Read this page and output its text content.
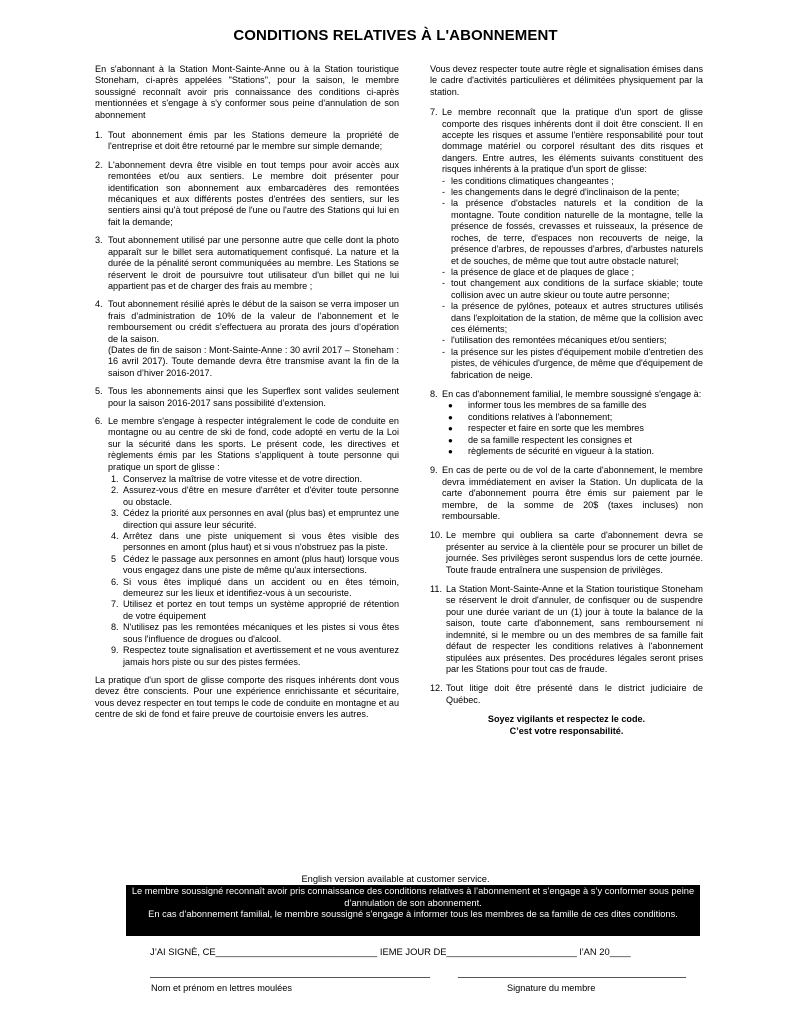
CONDITIONS RELATIVES À L'ABONNEMENT

En s'abonnant à la Station Mont-Sainte-Anne ou à la Station touristique Stoneham, ci-après appelées "Stations", pour la saison, le membre soussigné reconnaît avoir pris connaissance des conditions ci-après mentionnées et s'engage à s'y conformer sous peine d'annulation de son abonnement

1. Tout abonnement émis par les Stations demeure la propriété de l'entreprise et doit être retourné par le membre sur simple demande;
2. L'abonnement devra être visible en tout temps pour avoir accès aux remontées et/ou aux sentiers. Le membre doit présenter pour identification son abonnement aux embarcadères des remontées mécaniques et aux différents postes d'entrées des sentiers, sur les sentiers ainsi qu'à tout préposé de l'une ou l'autre des Stations qui lui en fait la demande;
3. Tout abonnement utilisé par une personne autre que celle dont la photo apparaît sur le billet sera automatiquement confisqué. La nature et la durée de la pénalité seront communiquées au membre. Les Stations se réservent le droit de poursuivre tout utilisateur d'un billet qui ne lui appartient pas et de charger des frais au membre ;
4. Tout abonnement résilié après le début de la saison se verra imposer un frais d’administration de 10% de la valeur de l’abonnement et le remboursement ou crédit s’effectuera au prorata des jours d’opération de la saison.
(Dates de fin de saison : Mont-Sainte-Anne : 30 avril 2017 – Stoneham : 16 avril 2017). Toute demande devra être transmise avant la fin de la saison d’hiver 2016-2017.
5. Tous les abonnements ainsi que les Superflex sont valides seulement pour la saison 2016-2017 sans possibilité d’extension.
6. Le membre s'engage à respecter intégralement le code de conduite en montagne ou au centre de ski de fond, code adopté en vertu de la Loi sur la sécurité dans les sports. Le présent code, les directives et règlements émis par les Stations s’appliquent à toute personne qui pratique un sport de glisse :
1. Conservez la maîtrise de votre vitesse et de votre direction.
2. Assurez-vous d'être en mesure d'arrêter et d'éviter toute personne ou obstacle.
3. Cédez la priorité aux personnes en aval (plus bas) et empruntez une direction qui assure leur sécurité.
4. Arrêtez dans une piste uniquement si vous êtes visible des personnes en amont (plus haut) et si vous n'obstruez pas la piste.
5 Cédez le passage aux personnes en amont (plus haut) lorsque vous vous engagez dans une piste de même qu'aux intersections.
6. Si vous êtes impliqué dans un accident ou en êtes témoin, demeurez sur les lieux et identifiez-vous à un secouriste.
7. Utilisez et portez en tout temps un système approprié de rétention de votre équipement
8. N'utilisez pas les remontées mécaniques et les pistes si vous êtes sous l'influence de drogues ou d'alcool.
9. Respectez toute signalisation et avertissement et ne vous aventurez jamais hors piste ou sur des pistes fermées.

La pratique d'un sport de glisse comporte des risques inhérents dont vous devez être conscients. Pour une expérience enrichissante et sécuritaire, vous devez respecter en tout temps le code de conduite en montagne et au centre de ski de fond et faire preuve de courtoisie envers les autres.

Vous devez respecter toute autre règle et signalisation émises dans le cadre d'activités particulières et délimitées physiquement par la station.

7. Le membre reconnaît que la pratique d'un sport de glisse comporte des risques inhérents dont il doit être conscient. Il en accepte les risques et assume l'entière responsabilité pour tout dommage matériel ou corporel résultant des dits risques et dangers. Entre autres, les éléments suivants constituent des risques inhérents à la pratique d'un sport de glisse:
- les conditions climatiques changeantes ;
- les changements dans le degré d'inclinaison de la pente;
- la présence d'obstacles naturels et la condition de la montagne. Toute condition naturelle de la montagne, telle la présence de fossés, crevasses et ruisseaux, la présence de roches, de terre, d'espaces non recouverts de neige, la présence d'arbres, de repousses d'arbres, d'arbustes naturels et de souches, de même que tout autre obstacle naturel;
- la présence de glace et de plaques de glace ;
- tout changement aux conditions de la surface skiable; toute collision avec un autre skieur ou toute autre personne;
- la présence de pylônes, poteaux et autres structures utilisés dans l'exploitation de la station, de même que la collision avec ces éléments;
- l'utilisation des remontées mécaniques et/ou sentiers;
- la présence sur les pistes d'équipement mobile d'entretien des pistes, de véhicules d'urgence, de même que d'équipement de fabrication de neige.
8. En cas d'abonnement familial, le membre soussigné s'engage à:
● informer tous les membres de sa famille des
● conditions relatives à l'abonnement;
● respecter et faire en sorte que les membres
● de sa famille respectent les consignes et
● règlements de sécurité en vigueur à la station.
9. En cas de perte ou de vol de la carte d'abonnement, le membre devra immédiatement en aviser la Station. Un duplicata de la carte d'abonnement pourra être émis sur paiement par le membre, de la somme de 20$ (taxes incluses) non remboursable.
10. Le membre qui oubliera sa carte d'abonnement devra se présenter au service à la clientèle pour se procurer un billet de journée. Ses privilèges seront suspendus lors de cette journée. Toute fraude entraînera une suspension de privilèges.
11. La Station Mont-Sainte-Anne et la Station touristique Stoneham se réservent le droit d'annuler, de confisquer ou de suspendre pour une durée variant de un (1) jour à toute la balance de la saison, toute carte d'abonnement, sans remboursement ni indemnité, si le membre ou un des membres de sa famille fait défaut de respecter les conditions relatives à l'abonnement stipulées aux présentes. Des procédures légales seront prises par les Stations pour tout cas de fraude.
12. Tout litige doit être présenté dans le district judiciaire de Québec.
Soyez vigilants et respectez le code.
C’est votre responsabilité.
English version available at customer service.

Le membre soussigné reconnaît avoir pris connaissance des conditions relatives à l’abonnement et s’engage à s’y conformer sous peine d’annulation de son abonnement.

En cas d’abonnement familial, le membre soussigné s’engage à informer tous les membres de sa famille de ces dites conditions.

J’AI SIGNÈ, CE_______________________________ IEME JOUR DE_________________________ l’AN 20____
Nom et prénom en lettres moulées	Signature du membre
